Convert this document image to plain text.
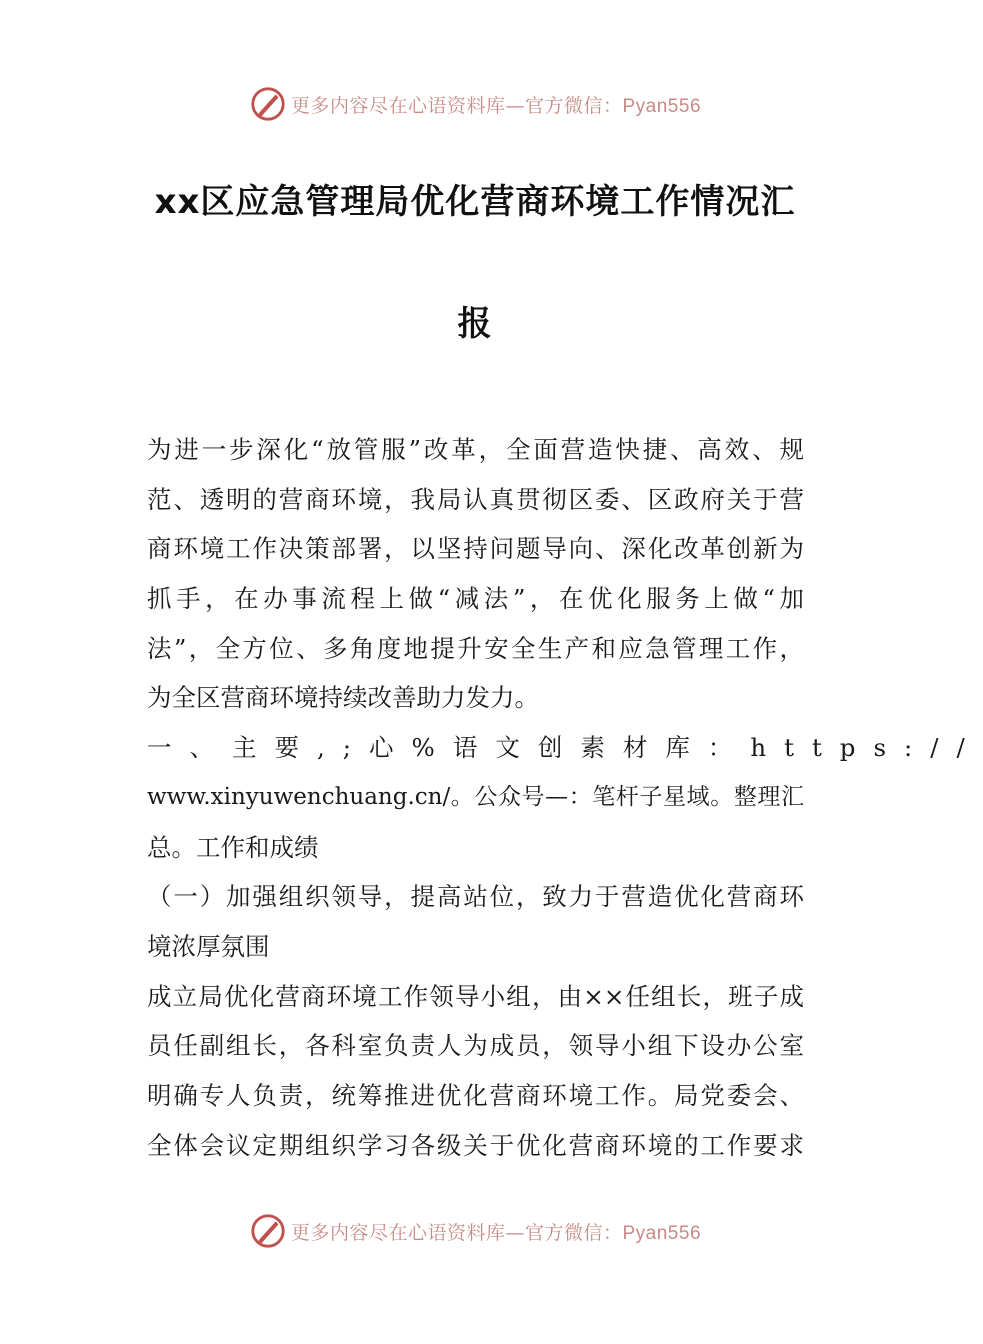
更多内容尽在心语资料库—官方微信：Pyan556
xx区应急管理局优化营商环境工作情况汇
报
为进一步深化“放管服”改革，全面营造快捷、高效、规
范、透明的营商环境，我局认真贯彻区委、区政府关于营
商环境工作决策部署，以坚持问题导向、深化改革创新为
抓手，在办事流程上做“减法”，在优化服务上做“加
法”，全方位、多角度地提升安全生产和应急管理工作，
为全区营商环境持续改善助力发力。
一、主要,;心%语文创素材库：https://
www.xinyuwenchuang.cn/。公众号—：笔杆子星域。整理汇
总。工作和成绩
（一）加强组织领导，提高站位，致力于营造优化营商环
境浓厚氛围
成立局优化营商环境工作领导小组，由××任组长，班子成
员任副组长，各科室负责人为成员，领导小组下设办公室
明确专人负责，统筹推进优化营商环境工作。局党委会、
全体会议定期组织学习各级关于优化营商环境的工作要求
更多内容尽在心语资料库—官方微信：Pyan556
